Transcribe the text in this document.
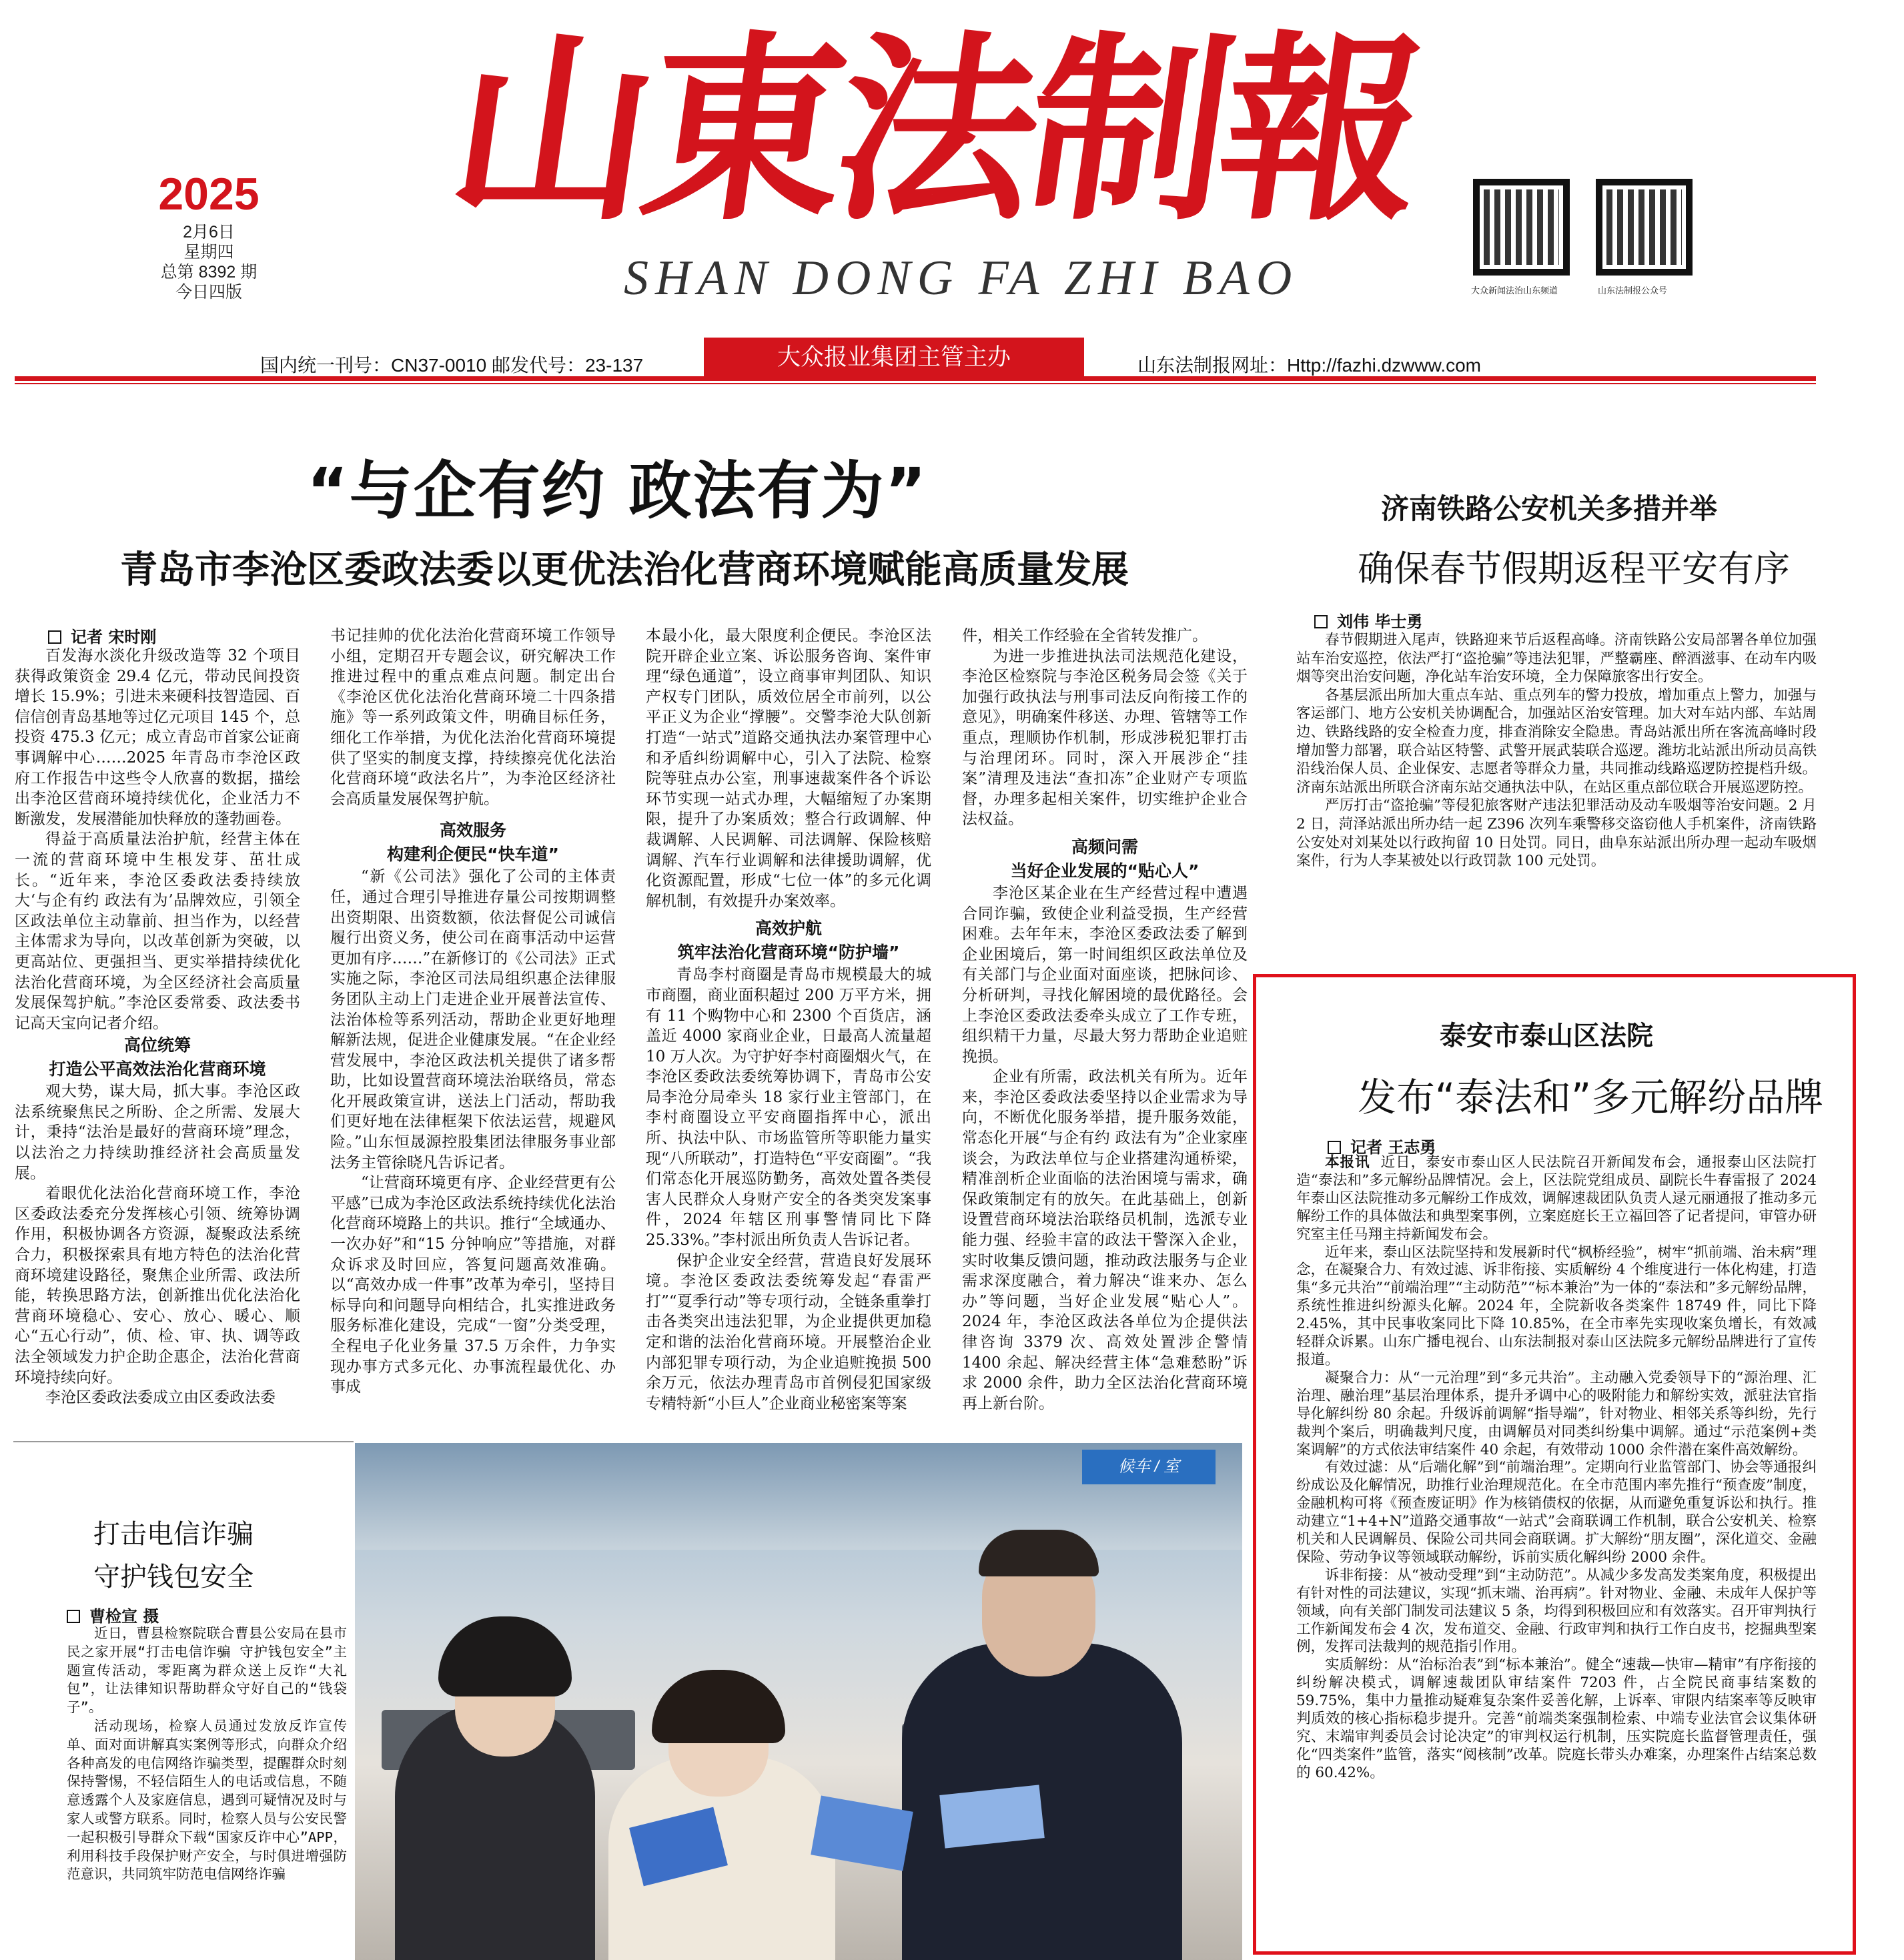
山東法制報
SHAN DONG FA ZHI BAO
2025
2月6日
星期四
总第 8392 期
今日四版	大众新闻法治山东频道	山东法制报公众号
国内统一刊号：CN37-0010 邮发代号：23-137	大众报业集团主管主办	山东法制报网址：Http://fazhi.dzwww.com
“与企有约 政法有为”
青岛市李沧区委政法委以更优法治化营商环境赋能高质量发展
记者 宋时刚

百发海水淡化升级改造等 32 个项目获得政策资金 29.4 亿元，带动民间投资增长 15.9%；引进未来硬科技智造园、百信信创青岛基地等过亿元项目 145 个，总投资 475.3 亿元；成立青岛市首家公证商事调解中心……2025 年青岛市李沧区政府工作报告中这些令人欣喜的数据，描绘出李沧区营商环境持续优化，企业活力不断激发，发展潜能加快释放的蓬勃画卷。

得益于高质量法治护航，经营主体在一流的营商环境中生根发芽、茁壮成长。“近年来，李沧区委政法委持续放大‘与企有约 政法有为’品牌效应，引领全区政法单位主动靠前、担当作为，以经营主体需求为导向，以改革创新为突破，以更高站位、更强担当、更实举措持续优化法治化营商环境，为全区经济社会高质量发展保驾护航。”李沧区委常委、政法委书记高天宝向记者介绍。

高位统筹
打造公平高效法治化营商环境

观大势，谋大局，抓大事。李沧区政法系统聚焦民之所盼、企之所需、发展大计，秉持“法治是最好的营商环境”理念，以法治之力持续助推经济社会高质量发展。

着眼优化法治化营商环境工作，李沧区委政法委充分发挥核心引领、统筹协调作用，积极协调各方资源，凝聚政法系统合力，积极探索具有地方特色的法治化营商环境建设路径，聚焦企业所需、政法所能，转换思路方法，创新推出优化法治化营商环境稳心、安心、放心、暖心、顺心“五心行动”，侦、检、审、执、调等政法全领域发力护企助企惠企，法治化营商环境持续向好。

李沧区委政法委成立由区委政法委

书记挂帅的优化法治化营商环境工作领导小组，定期召开专题会议，研究解决工作推进过程中的重点难点问题。制定出台《李沧区优化法治化营商环境二十四条措施》等一系列政策文件，明确目标任务，细化工作举措，为优化法治化营商环境提供了坚实的制度支撑，持续擦亮优化法治化营商环境“政法名片”，为李沧区经济社会高质量发展保驾护航。

高效服务
构建利企便民“快车道”

“新《公司法》强化了公司的主体责任，通过合理引导推进存量公司按期调整出资期限、出资数额，依法督促公司诚信履行出资义务，使公司在商事活动中运营更加有序……”在新修订的《公司法》正式实施之际，李沧区司法局组织惠企法律服务团队主动上门走进企业开展普法宣传、法治体检等系列活动，帮助企业更好地理解新法规，促进企业健康发展。“在企业经营发展中，李沧区政法机关提供了诸多帮助，比如设置营商环境法治联络员，常态化开展政策宣讲，送法上门活动，帮助我们更好地在法律框架下依法运营，规避风险。”山东恒晟源控股集团法律服务事业部法务主管徐晓凡告诉记者。

“让营商环境更有序、企业经营更有公平感”已成为李沧区政法系统持续优化法治化营商环境路上的共识。推行“全域通办、一次办好”和“15 分钟响应”等措施，对群众诉求及时回应，答复问题高效准确。以“高效办成一件事”改革为牵引，坚持目标导向和问题导向相结合，扎实推进政务服务标准化建设，完成“一窗”分类受理，全程电子化业务量 37.5 万余件，力争实现办事方式多元化、办事流程最优化、办事成

本最小化，最大限度利企便民。李沧区法院开辟企业立案、诉讼服务咨询、案件审理“绿色通道”，设立商事审判团队、知识产权专门团队，质效位居全市前列，以公平正义为企业“撑腰”。交警李沧大队创新打造“一站式”道路交通执法办案管理中心和矛盾纠纷调解中心，引入了法院、检察院等驻点办公室，刑事速裁案件各个诉讼环节实现一站式办理，大幅缩短了办案期限，提升了办案质效；整合行政调解、仲裁调解、人民调解、司法调解、保险核赔调解、汽车行业调解和法律援助调解，优化资源配置，形成“七位一体”的多元化调解机制，有效提升办案效率。

高效护航
筑牢法治化营商环境“防护墙”

青岛李村商圈是青岛市规模最大的城市商圈，商业面积超过 200 万平方米，拥有 11 个购物中心和 2300 个百货店，涵盖近 4000 家商业企业，日最高人流量超 10 万人次。为守护好李村商圈烟火气，在李沧区委政法委统筹协调下，青岛市公安局李沧分局牵头 18 家行业主管部门，在李村商圈设立平安商圈指挥中心，派出所、执法中队、市场监管所等职能力量实现“八所联动”，打造特色“平安商圈”。“我们常态化开展巡防勤务，高效处置各类侵害人民群众人身财产安全的各类突发案事件，2024 年辖区刑事警情同比下降 25.33%。”李村派出所负责人告诉记者。

保护企业安全经营，营造良好发展环境。李沧区委政法委统筹发起“春雷严打”“夏季行动”等专项行动，全链条重拳打击各类突出违法犯罪，为企业提供更加稳定和谐的法治化营商环境。开展整治企业内部犯罪专项行动，为企业追赃挽损 500 余万元，依法办理青岛市首例侵犯国家级专精特新“小巨人”企业商业秘密案等案

件，相关工作经验在全省转发推广。

为进一步推进执法司法规范化建设，李沧区检察院与李沧区税务局会签《关于加强行政执法与刑事司法反向衔接工作的意见》，明确案件移送、办理、管辖等工作重点，理顺协作机制，形成涉税犯罪打击与治理闭环。同时，深入开展涉企“挂案”清理及违法“查扣冻”企业财产专项监督，办理多起相关案件，切实维护企业合法权益。

高频问需
当好企业发展的“贴心人”

李沧区某企业在生产经营过程中遭遇合同诈骗，致使企业利益受损，生产经营困难。去年年末，李沧区委政法委了解到企业困境后，第一时间组织区政法单位及有关部门与企业面对面座谈，把脉问诊、分析研判，寻找化解困境的最优路径。会上李沧区委政法委牵头成立了工作专班，组织精干力量，尽最大努力帮助企业追赃挽损。

企业有所需，政法机关有所为。近年来，李沧区委政法委坚持以企业需求为导向，不断优化服务举措，提升服务效能，常态化开展“与企有约 政法有为”企业家座谈会，为政法单位与企业搭建沟通桥梁，精准剖析企业面临的法治困境与需求，确保政策制定有的放矢。在此基础上，创新设置营商环境法治联络员机制，选派专业能力强、经验丰富的政法干警深入企业，实时收集反馈问题，推动政法服务与企业需求深度融合，着力解决“谁来办、怎么办”等问题，当好企业发展“贴心人”。2024 年，李沧区政法各单位为企提供法律咨询 3379 次、高效处置涉企警情 1400 余起、解决经营主体“急难愁盼”诉求 2000 余件，助力全区法治化营商环境再上新台阶。

济南铁路公安机关多措并举
确保春节假期返程平安有序
刘伟 毕士勇

春节假期进入尾声，铁路迎来节后返程高峰。济南铁路公安局部署各单位加强站车治安巡控，依法严打“盗抢骗”等违法犯罪，严整霸座、醉酒滋事、在动车内吸烟等突出治安问题，净化站车治安环境，全力保障旅客出行安全。

各基层派出所加大重点车站、重点列车的警力投放，增加重点上警力，加强与客运部门、地方公安机关协调配合，加强站区治安管理。加大对车站内部、车站周边、铁路线路的安全检查力度，排查消除安全隐患。青岛站派出所在客流高峰时段增加警力部署，联合站区特警、武警开展武装联合巡逻。潍坊北站派出所动员高铁沿线治保人员、企业保安、志愿者等群众力量，共同推动线路巡逻防控提档升级。济南东站派出所联合济南东站交通执法中队，在站区重点部位联合开展巡逻防控。

严厉打击“盗抢骗”等侵犯旅客财产违法犯罪活动及动车吸烟等治安问题。2 月 2 日，菏泽站派出所办结一起 Z396 次列车乘警移交盗窃他人手机案件，济南铁路公安处对刘某处以行政拘留 10 日处罚。同日，曲阜东站派出所办理一起动车吸烟案件，行为人李某被处以行政罚款 100 元处罚。

泰安市泰山区法院
发布“泰法和”多元解纷品牌
记者 王志勇

本报讯 近日，泰安市泰山区人民法院召开新闻发布会，通报泰山区法院打造“泰法和”多元解纷品牌情况。会上，区法院党组成员、副院长牛春雷报了 2024 年泰山区法院推动多元解纷工作成效，调解速裁团队负责人逯元丽通报了推动多元解纷工作的具体做法和典型案事例，立案庭庭长王立福回答了记者提问，审管办研究室主任马翔主持新闻发布会。

近年来，泰山区法院坚持和发展新时代“枫桥经验”，树牢“抓前端、治未病”理念，在凝聚合力、有效过滤、诉非衔接、实质解纷 4 个维度进行一体化构建，打造集“多元共治”“前端治理”“主动防范”“标本兼治”为一体的“泰法和”多元解纷品牌，系统性推进纠纷源头化解。2024 年，全院新收各类案件 18749 件，同比下降 2.45%，其中民事收案同比下降 10.85%，在全市率先实现收案负增长，有效减轻群众诉累。山东广播电视台、山东法制报对泰山区法院多元解纷品牌进行了宣传报道。

凝聚合力：从“一元治理”到“多元共治”。主动融入党委领导下的“源治理、汇治理、融治理”基层治理体系，提升矛调中心的吸附能力和解纷实效，派驻法官指导化解纠纷 80 余起。升级诉前调解“指导端”，针对物业、相邻关系等纠纷，先行裁判个案后，明确裁判尺度，由调解员对同类纠纷集中调解。通过“示范案例+类案调解”的方式依法审结案件 40 余起，有效带动 1000 余件潜在案件高效解纷。

有效过滤：从“后端化解”到“前端治理”。定期向行业监管部门、协会等通报纠纷成讼及化解情况，助推行业治理规范化。在全市范围内率先推行“预查废”制度，金融机构可将《预查废证明》作为核销债权的依据，从而避免重复诉讼和执行。推动建立“1+4+N”道路交通事故“一站式”会商联调工作机制，联合公安机关、检察机关和人民调解员、保险公司共同会商联调。扩大解纷“朋友圈”，深化道交、金融保险、劳动争议等领域联动解纷，诉前实质化解纠纷 2000 余件。

诉非衔接：从“被动受理”到“主动防范”。从减少多发高发类案角度，积极提出有针对性的司法建议，实现“抓末端、治再病”。针对物业、金融、未成年人保护等领域，向有关部门制发司法建议 5 条，均得到积极回应和有效落实。召开审判执行工作新闻发布会 4 次，发布道交、金融、行政审判和执行工作白皮书，挖掘典型案例，发挥司法裁判的规范指引作用。

实质解纷：从“治标治表”到“标本兼治”。健全“速裁—快审—精审”有序衔接的纠纷解决模式，调解速裁团队审结案件 7203 件，占全院民商事结案数的 59.75%，集中力量推动疑难复杂案件妥善化解，上诉率、审限内结案率等反映审判质效的核心指标稳步提升。完善“前端类案强制检索、中端专业法官会议集体研究、末端审判委员会讨论决定”的审判权运行机制，压实院庭长监督管理责任，强化“四类案件”监管，落实“阅核制”改革。院庭长带头办难案，办理案件占结案总数的 60.42%。

打击电信诈骗
守护钱包安全
曹检宣 摄

近日，曹县检察院联合曹县公安局在县市民之家开展“打击电信诈骗 守护钱包安全”主题宣传活动，零距离为群众送上反诈“大礼包”，让法律知识帮助群众守好自己的“钱袋子”。

活动现场，检察人员通过发放反诈宣传单、面对面讲解真实案例等形式，向群众介绍各种高发的电信网络诈骗类型，提醒群众时刻保持警惕，不轻信陌生人的电话或信息，不随意透露个人及家庭信息，遇到可疑情况及时与家人或警方联系。同时，检察人员与公安民警一起积极引导群众下载“国家反诈中心”APP，利用科技手段保护财产安全，与时俱进增强防范意识，共同筑牢防范电信网络诈骗

候车 / 室
